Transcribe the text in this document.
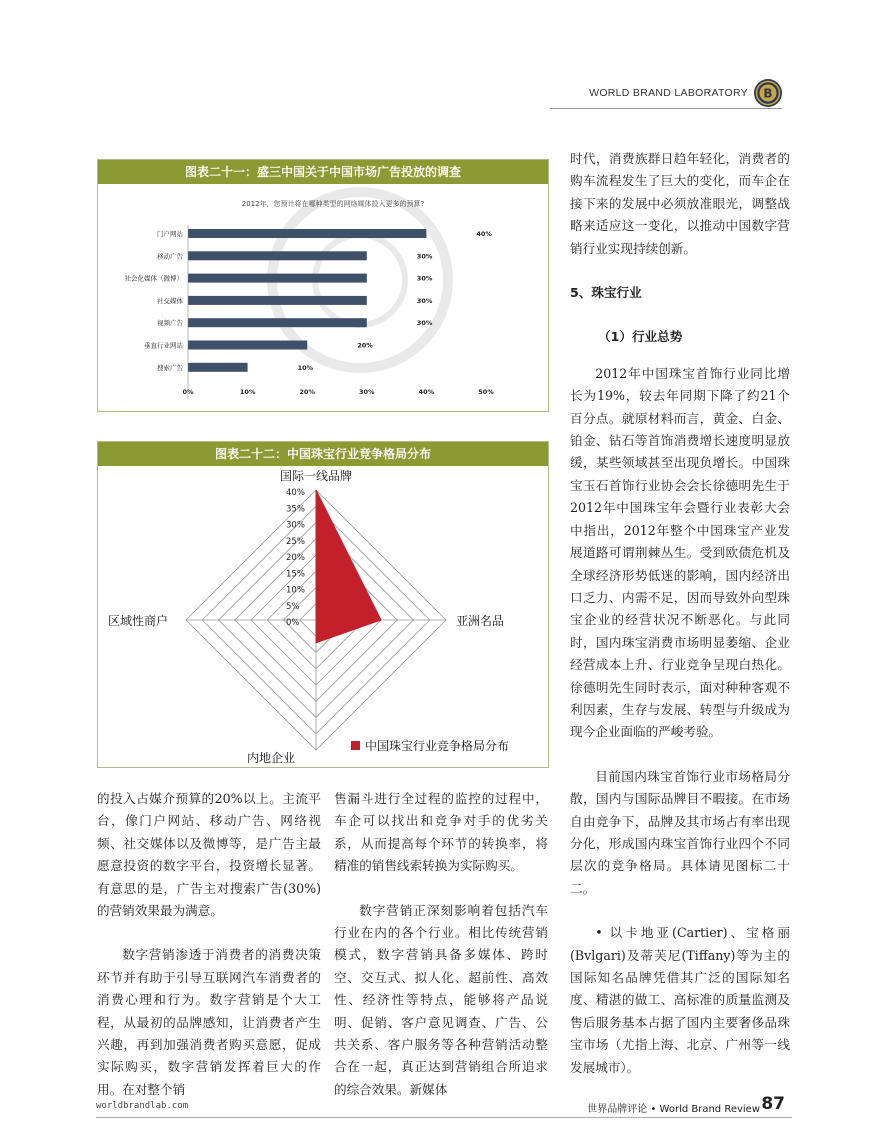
WORLD BRAND LABORATORY B
图表二十一：盛三中国关于中国市场广告投放的调查
2012年，您预计将在哪种类型的网络媒体投入更多的预算?
门户网站	40%
移动广告	30%
社会化媒体（微博）	30%
社交媒体	30%
视频广告	30%
垂直行业网站	20%
搜索广告	10%
0%	10%	20%	30%	40%	50%
图表二十二：中国珠宝行业竞争格局分布
40%
35%
30%
25%
20%
15%
10%
5%
0%
国际一线品牌
亚洲名品
内地企业
区域性商户
中国珠宝行业竞争格局分布

的投入占媒介预算的20%以上。主流平台，像门户网站、移动广告、网络视频、社交媒体以及微博等，是广告主最愿意投资的数字平台，投资增长显著。有意思的是，广告主对搜索广告(30%)的营销效果最为满意。

数字营销渗透于消费者的消费决策环节并有助于引导互联网汽车消费者的消费心理和行为。数字营销是个大工程，从最初的品牌感知，让消费者产生兴趣，再到加强消费者购买意愿，促成实际购买，数字营销发挥着巨大的作用。在对整个销

售漏斗进行全过程的监控的过程中，车企可以找出和竞争对手的优劣关系，从而提高每个环节的转换率，将精准的销售线索转换为实际购买。

数字营销正深刻影响着包括汽车行业在内的各个行业。相比传统营销模式，数字营销具备多媒体、跨时空、交互式、拟人化、超前性、高效性、经济性等特点，能够将产品说明、促销、客户意见调查、广告、公共关系、客户服务等各种营销活动整合在一起，真正达到营销组合所追求的综合效果。新媒体

时代，消费族群日趋年轻化，消费者的购车流程发生了巨大的变化，而车企在接下来的发展中必须放准眼光，调整战略来适应这一变化，以推动中国数字营销行业实现持续创新。

5、珠宝行业

（1）行业总势

2012年中国珠宝首饰行业同比增长为19%，较去年同期下降了约21个百分点。就原材料而言，黄金、白金、铂金、钻石等首饰消费增长速度明显放缓，某些领域甚至出现负增长。中国珠宝玉石首饰行业协会会长徐德明先生于2012年中国珠宝年会暨行业表彰大会中指出，2012年整个中国珠宝产业发展道路可谓荆棘丛生。受到欧债危机及全球经济形势低迷的影响，国内经济出口乏力、内需不足，因而导致外向型珠宝企业的经营状况不断恶化。与此同时，国内珠宝消费市场明显萎缩、企业经营成本上升、行业竞争呈现白热化。徐德明先生同时表示，面对种种客观不利因素，生存与发展、转型与升级成为现今企业面临的严峻考验。

目前国内珠宝首饰行业市场格局分散，国内与国际品牌目不暇接。在市场自由竞争下，品牌及其市场占有率出现分化，形成国内珠宝首饰行业四个不同层次的竞争格局。具体请见图标二十二。

• 以卡地亚(Cartier)、宝格丽(Bvlgari)及蒂芙尼(Tiffany)等为主的国际知名品牌凭借其广泛的国际知名度、精湛的做工、高标准的质量监测及售后服务基本占据了国内主要奢侈品珠宝市场（尤指上海、北京、广州等一线发展城市）。

worldbrandlab.com	世界品牌评论 • World Brand Review 87
